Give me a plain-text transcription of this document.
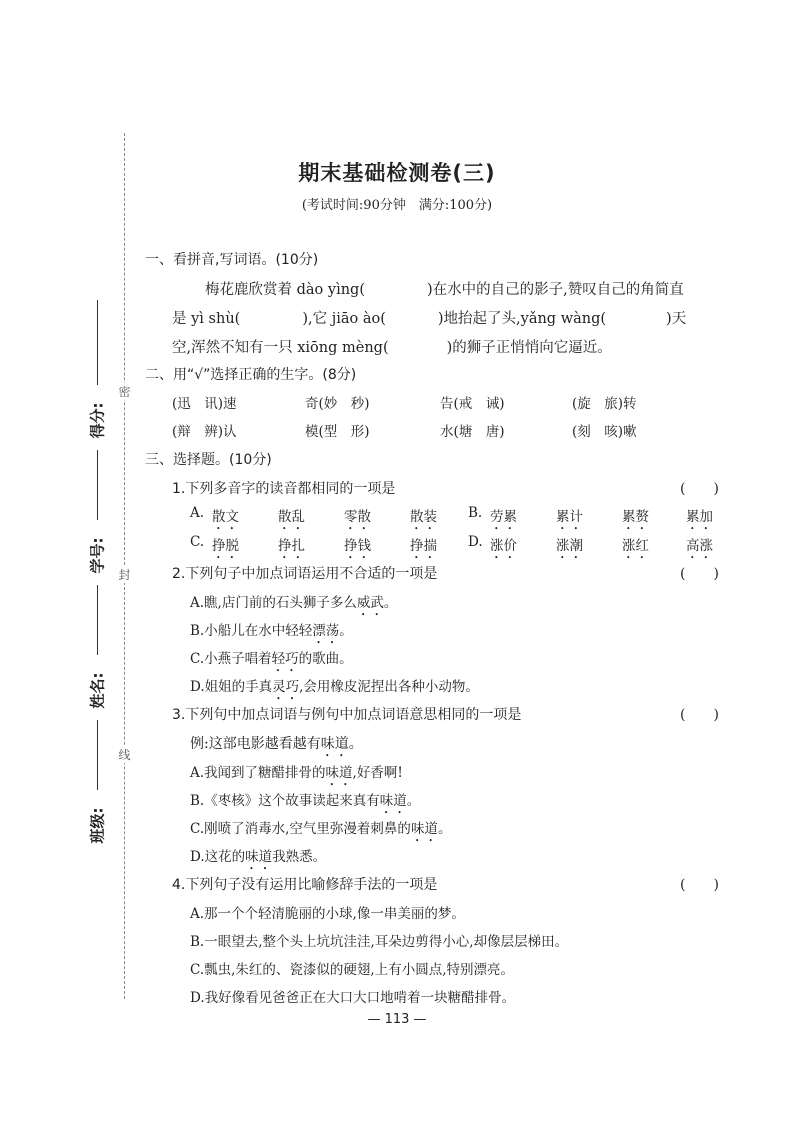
密
封
线
班级:
姓名:
学号:
得分:
期末基础检测卷(三)
(考试时间:90分钟　满分:100分)
一、看拼音,写词语。(10分)
梅花鹿欣赏着 dào yìng(	)在水中的自己的影子,赞叹自己的角简直
是 yì shù(	),它 jiāo ào(	)地抬起了头,yǎng wàng(	)天
空,浑然不知有一只 xiōng mèng(	)的狮子正悄悄向它逼近。
二、用“√”选择正确的生字。(8分)
(迅　讯)速	奇(妙　秒)	告(戒　诫)	(旋　旅)转
(辩　辨)认	模(型　形)	水(塘　唐)	(刻　咳)嗽
三、选择题。(10分)
1.下列多音字的读音都相同的一项是	(　　)
A. 散文	散乱	零散	散装 B. 劳累	累计	累赘	累加
C. 挣脱	挣扎	挣钱	挣揣 D. 涨价	涨潮	涨红	高涨
2.下列句子中加点词语运用不合适的一项是	(　　)
A.瞧,店门前的石头狮子多么威武。
B.小船儿在水中轻轻漂荡。
C.小燕子唱着轻巧的歌曲。
D.姐姐的手真灵巧,会用橡皮泥捏出各种小动物。
3.下列句中加点词语与例句中加点词语意思相同的一项是	(　　)
例:这部电影越看越有味道。
A.我闻到了糖醋排骨的味道,好香啊!
B.《枣核》这个故事读起来真有味道。
C.刚喷了消毒水,空气里弥漫着刺鼻的味道。
D.这花的味道我熟悉。
4.下列句子没有运用比喻修辞手法的一项是	(　　)
A.那一个个轻清脆丽的小球,像一串美丽的梦。
B.一眼望去,整个头上坑坑洼洼,耳朵边剪得小心,却像层层梯田。
C.瓢虫,朱红的、瓷漆似的硬翅,上有小圆点,特别漂亮。
D.我好像看见爸爸正在大口大口地啃着一块糖醋排骨。
— 113 —
